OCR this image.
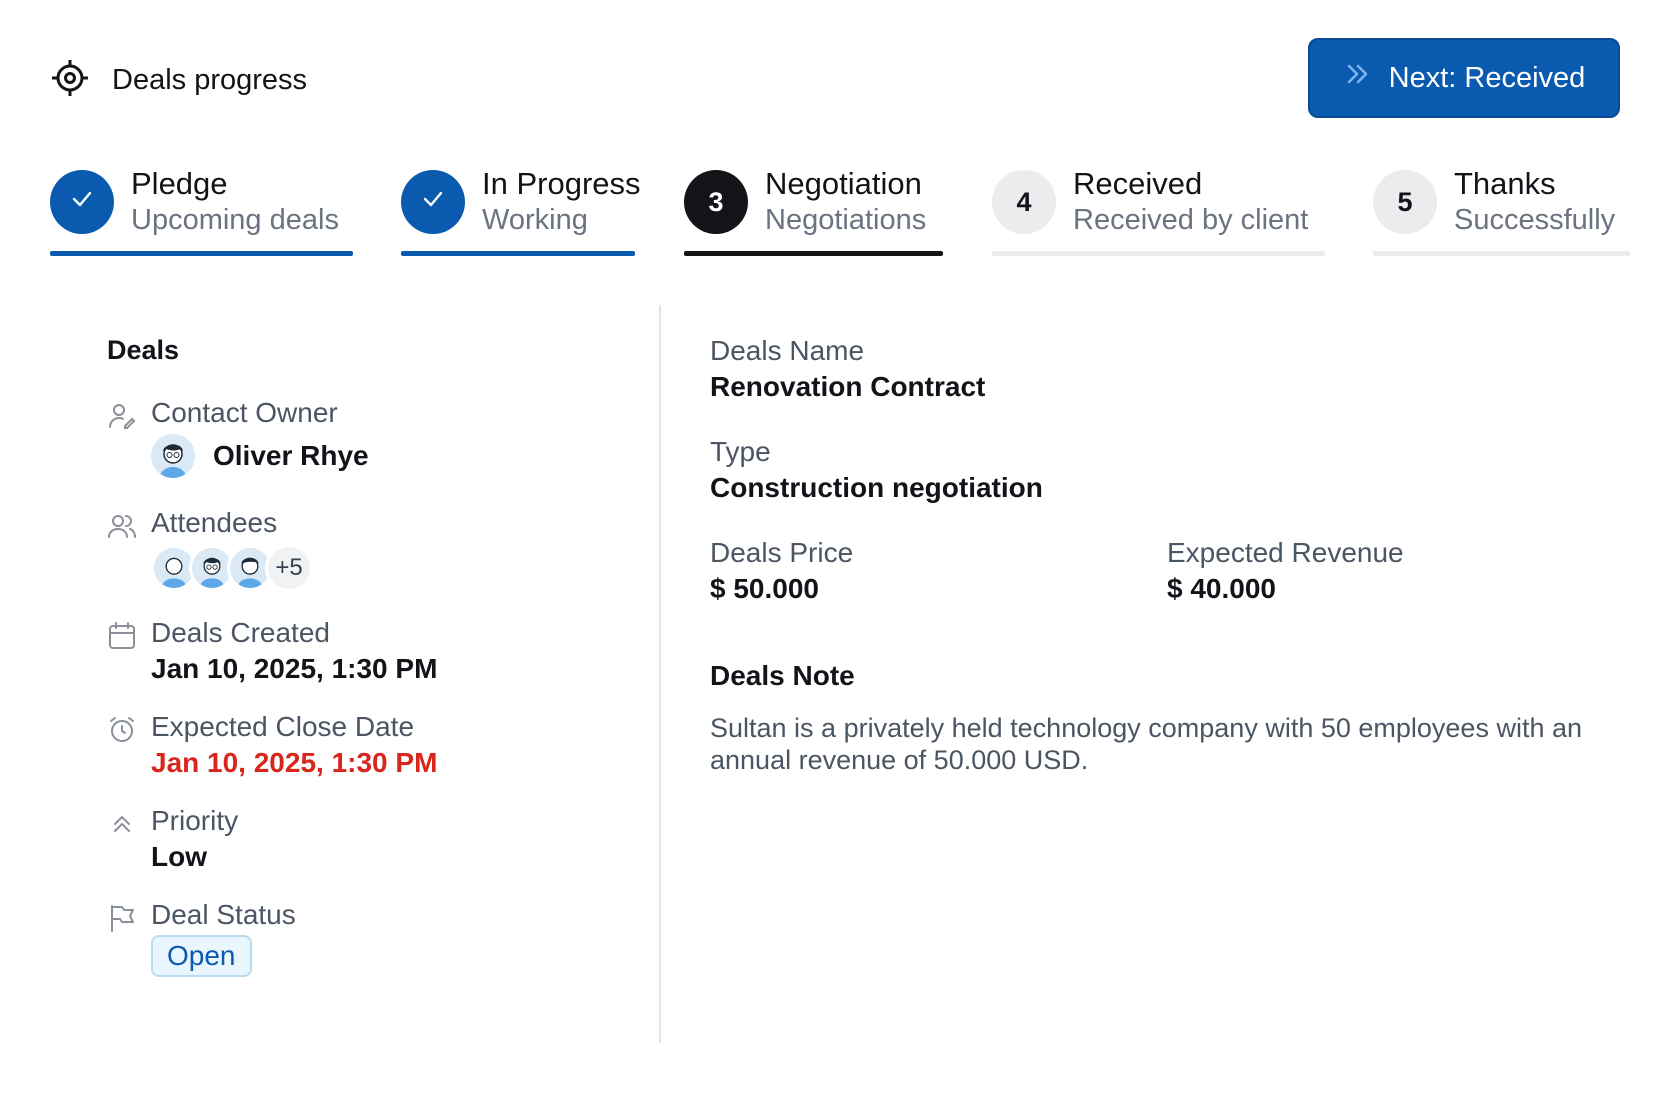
Deals progress	Next: Received
Pledge
Upcoming deals
In Progress
Working
3
Negotiation
Negotiations
4
Received
Received by client
5
Thanks
Successfully
Deals
Contact Owner
Oliver Rhye
Attendees
+5
Deals Created
Jan 10, 2025, 1:30 PM
Expected Close Date
Jan 10, 2025, 1:30 PM
Priority
Low
Deal Status
Open
Deals Name
Renovation Contract
Type
Construction negotiation
Deals Price
$ 50.000
Expected Revenue
$ 40.000
Deals Note
Sultan is a privately held technology company with 50 employees with an annual revenue of 50.000 USD.
